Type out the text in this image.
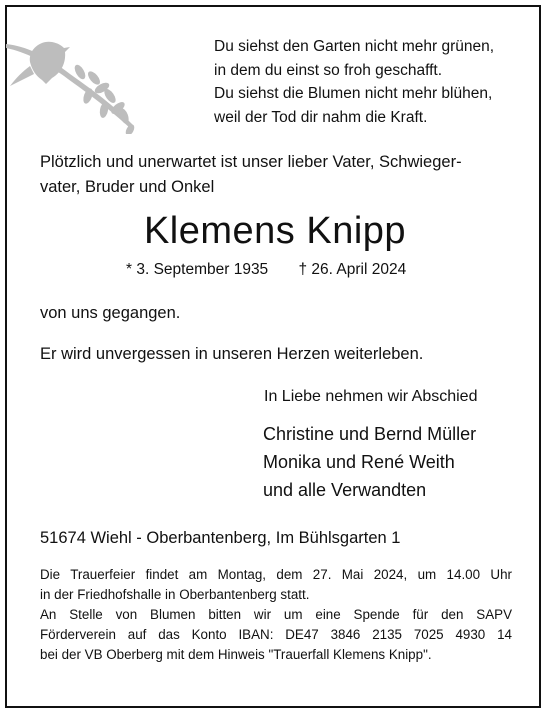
Du siehst den Garten nicht mehr grünen,
in dem du einst so froh geschafft.
Du siehst die Blumen nicht mehr blühen,
weil der Tod dir nahm die Kraft.
Plötzlich und unerwartet ist unser lieber Vater, Schwieger-
vater, Bruder und Onkel
Klemens Knipp
* 3. September 1935 † 26. April 2024
von uns gegangen.
Er wird unvergessen in unseren Herzen weiterleben.
In Liebe nehmen wir Abschied
Christine und Bernd Müller
Monika und René Weith
und alle Verwandten
51674 Wiehl - Oberbantenberg, Im Bühlsgarten 1
Die Trauerfeier findet am Montag, dem 27. Mai 2024, um 14.00 Uhr
in der Friedhofshalle in Oberbantenberg statt.
An Stelle von Blumen bitten wir um eine Spende für den SAPV
Förderverein auf das Konto IBAN: DE47 3846 2135 7025 4930 14
bei der VB Oberberg mit dem Hinweis "Trauerfall Klemens Knipp".
